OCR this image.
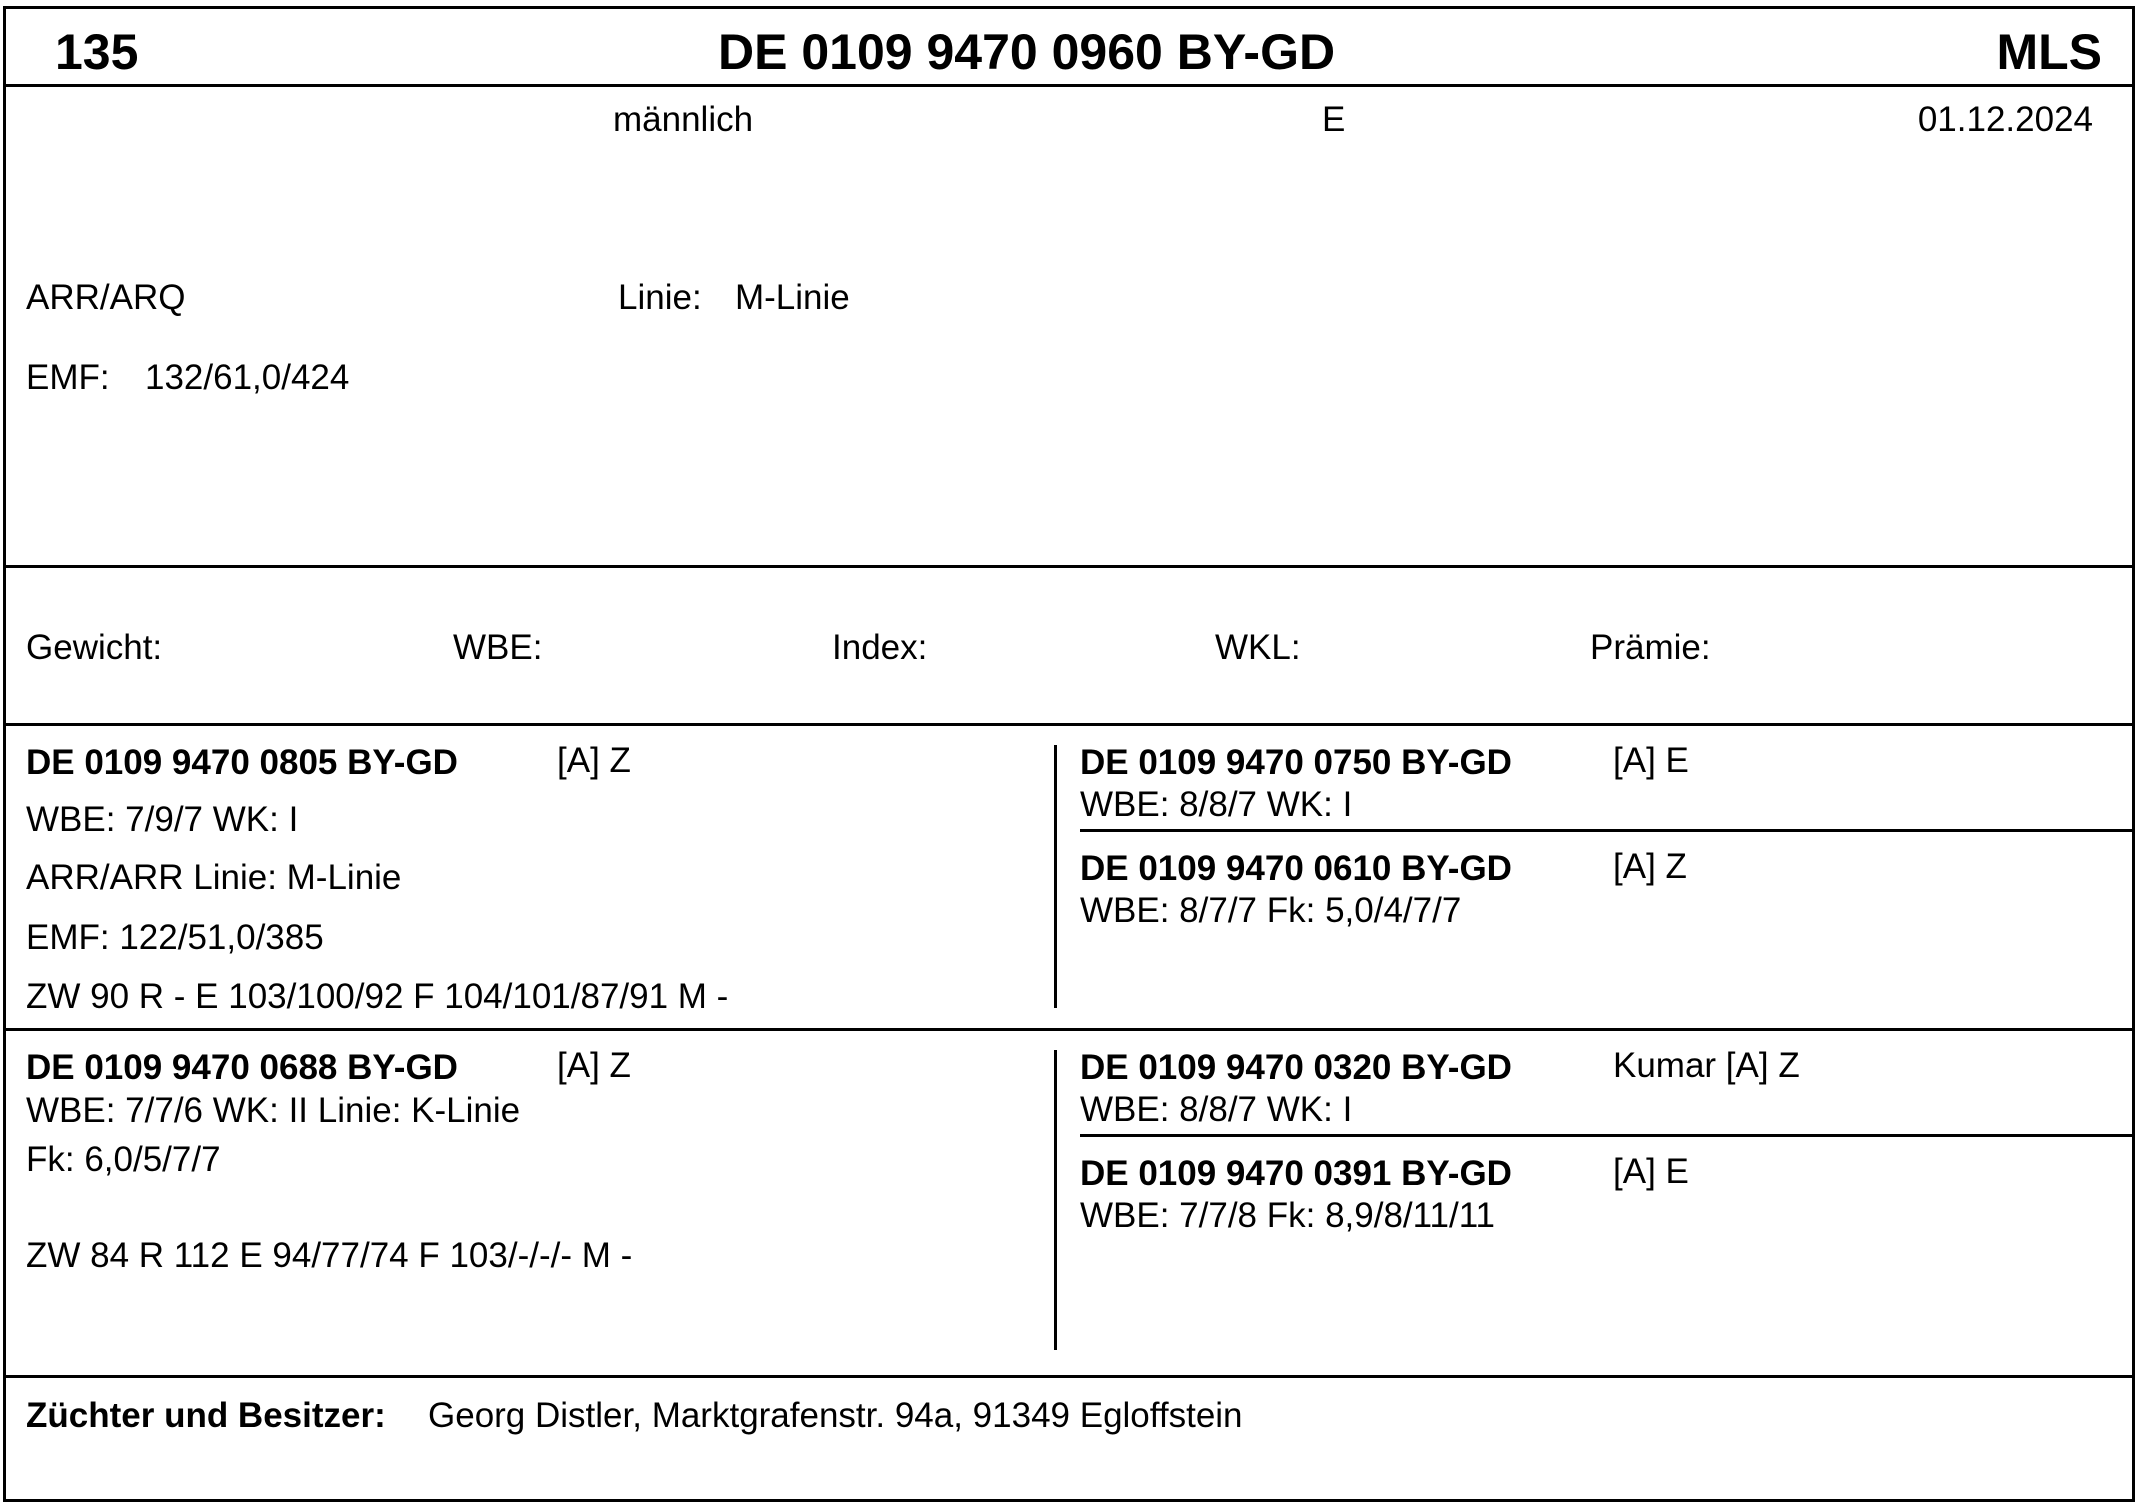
135	DE 0109 9470 0960 BY-GD	MLS
männlich	E	01.12.2024
ARR/ARQ	Linie: M-Linie
EMF: 132/61,0/424
Gewicht:	WBE:	Index:	WKL:	Prämie:
DE 0109 9470 0805 BY-GD	[A] Z
WBE: 7/9/7 WK: I
ARR/ARR Linie: M-Linie
EMF: 122/51,0/385
ZW 90 R - E 103/100/92 F 104/101/87/91 M -
DE 0109 9470 0750 BY-GD	[A] E
WBE: 8/8/7 WK: I
DE 0109 9470 0610 BY-GD	[A] Z
WBE: 8/7/7 Fk: 5,0/4/7/7
DE 0109 9470 0688 BY-GD	[A] Z
WBE: 7/7/6 WK: II Linie: K-Linie
Fk: 6,0/5/7/7
ZW 84 R 112 E 94/77/74 F 103/-/-/- M -
DE 0109 9470 0320 BY-GD	Kumar [A] Z
WBE: 8/8/7 WK: I
DE 0109 9470 0391 BY-GD	[A] E
WBE: 7/7/8 Fk: 8,9/8/11/11
Züchter und Besitzer: Georg Distler, Marktgrafenstr. 94a, 91349 Egloffstein
